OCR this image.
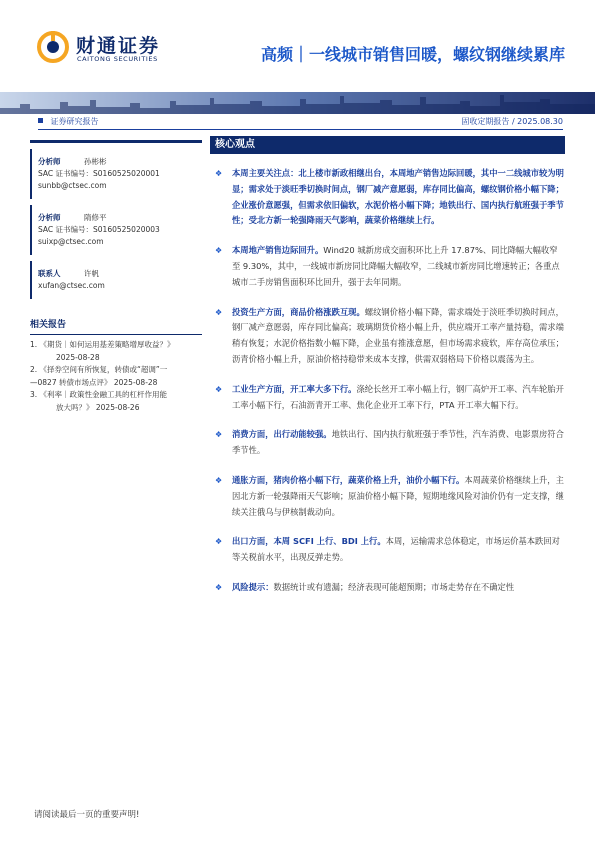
财通证券
CAITONG SECURITIES	高频｜一线城市销售回暖，螺纹钢继续累库
证券研究报告	固收定期报告 / 2025.08.30
分析师	孙彬彬
SAC 证书编号：S0160525020001
sunbb@ctsec.com
分析师	隋修平
SAC 证书编号：S0160525020003
suixp@ctsec.com
联系人	许帆
xufan@ctsec.com
相关报告
1. 《期货｜如何运用基差策略增厚收益？》
2025-08-28
2. 《择券空间有所恢复，转债或“超调”一
—0827 转债市场点评》 2025-08-28
3. 《利率｜政策性金融工具的杠杆作用能
放大吗？》 2025-08-26
核心观点
❖ 本周主要关注点：北上楼市新政相继出台，本周地产销售边际回暖，其中一二线城市较为明显；需求处于淡旺季切换时间点，钢厂减产意愿弱，库存同比偏高，螺纹钢价格小幅下降；企业涨价意愿强，但需求依旧偏软，水泥价格小幅下降；地铁出行、国内执行航班强于季节性；受北方新一轮强降雨天气影响，蔬菜价格继续上行。
❖ 本周地产销售边际回升。Wind20 城新房成交面积环比上升 17.87%、同比降幅大幅收窄至 9.30%，其中，一线城市新房同比降幅大幅收窄，二线城市新房同比增速转正；各重点城市二手房销售面积环比回升，强于去年同期。
❖ 投资生产方面，商品价格涨跌互现。螺纹钢价格小幅下降，需求端处于淡旺季切换时间点，钢厂减产意愿弱，库存同比偏高；玻璃期货价格小幅上升，供应端开工率产量持稳，需求端稍有恢复；水泥价格指数小幅下降，企业虽有推涨意愿，但市场需求疲软，库存高位承压；沥青价格小幅上升，原油价格持稳带来成本支撑，供需双弱格局下价格以震荡为主。
❖ 工业生产方面，开工率大多下行。涤纶长丝开工率小幅上行，钢厂高炉开工率、汽车轮胎开工率小幅下行，石油沥青开工率、焦化企业开工率下行，PTA 开工率大幅下行。
❖ 消费方面，出行动能较强。地铁出行、国内执行航班强于季节性，汽车消费、电影票房符合季节性。
❖ 通胀方面，猪肉价格小幅下行，蔬菜价格上升，油价小幅下行。本周蔬菜价格继续上升，主因北方新一轮强降雨天气影响；原油价格小幅下降，短期地缘风险对油价仍有一定支撑，继续关注俄乌与伊核制裁动向。
❖ 出口方面，本周 SCFI 上行、BDI 上行。本周，运输需求总体稳定，市场运价基本跌回对等关税前水平，出现反弹走势。
❖ 风险提示：数据统计或有遗漏；经济表现可能超预期；市场走势存在不确定性
请阅读最后一页的重要声明!
